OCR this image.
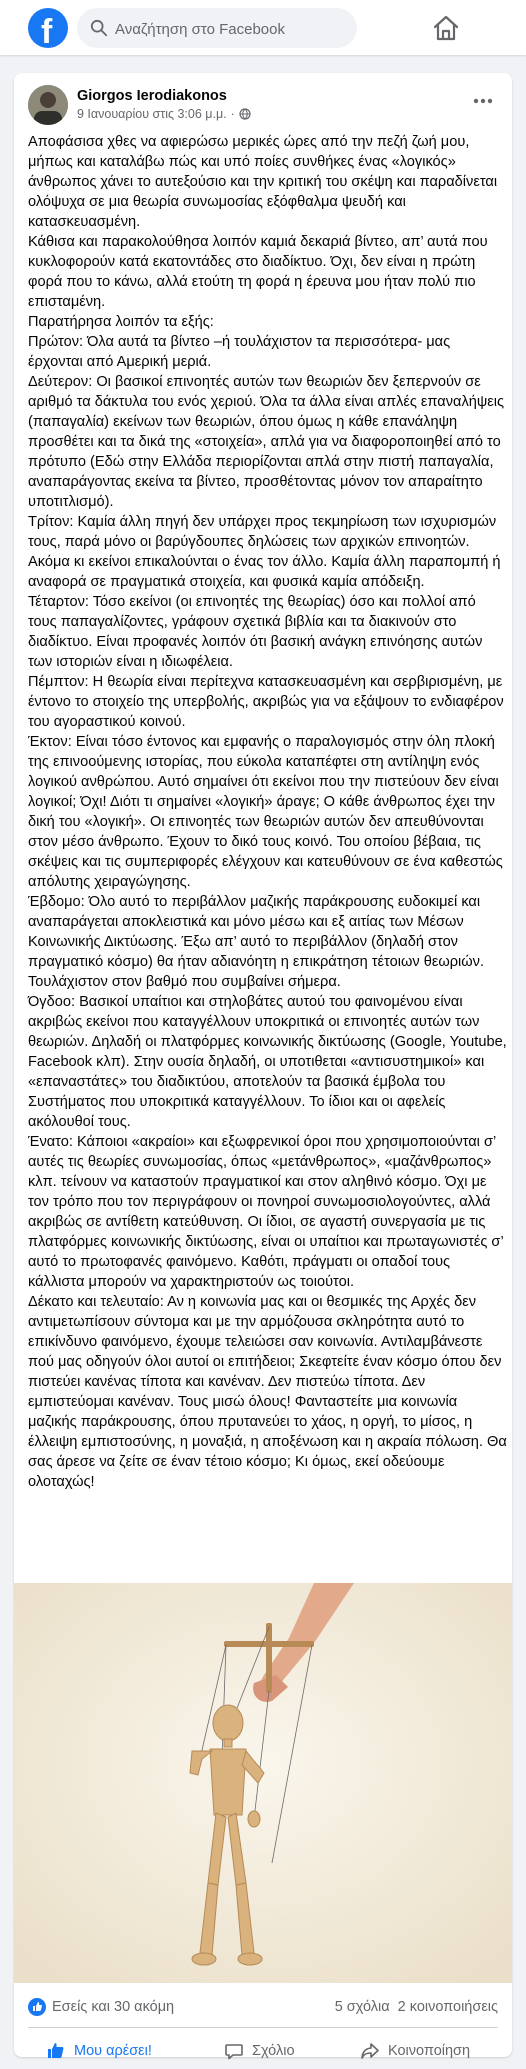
f
Αναζήτηση στο Facebook
Giorgos Ierodiakonos
9 Ιανουαρίου στις 3:06 μ.μ. ·

Αποφάσισα χθες να αφιερώσω μερικές ώρες από την πεζή ζωή μου, μήπως και καταλάβω πώς και υπό ποίες συνθήκες ένας «λογικός» άνθρωπος χάνει το αυτεξούσιο και την κριτική του σκέψη και παραδίνεται ολόψυχα σε μια θεωρία συνωμοσίας εξόφθαλμα ψευδή και κατασκευασμένη.

Κάθισα και παρακολούθησα λοιπόν καμιά δεκαριά βίντεο, απ’ αυτά που κυκλοφορούν κατά εκατοντάδες στο διαδίκτυο. Όχι, δεν είναι η πρώτη φορά που το κάνω, αλλά ετούτη τη φορά η έρευνα μου ήταν πολύ πιο επισταμένη.

Παρατήρησα λοιπόν τα εξής:

Πρώτον: Όλα αυτά τα βίντεο –ή τουλάχιστον τα περισσότερα- μας έρχονται από Αμερική μεριά.

Δεύτερον: Οι βασικοί επινοητές αυτών των θεωριών δεν ξεπερνούν σε αριθμό τα δάκτυλα του ενός χεριού. Όλα τα άλλα είναι απλές επαναλήψεις (παπαγαλία) εκείνων των θεωριών, όπου όμως η κάθε επανάληψη προσθέτει και τα δικά της «στοιχεία», απλά για να διαφοροποιηθεί από το πρότυπο (Εδώ στην Ελλάδα περιορίζονται απλά στην πιστή παπαγαλία, αναπαράγοντας εκείνα τα βίντεο, προσθέτοντας μόνον τον απαραίτητο υποτιτλισμό).

Τρίτον: Καμία άλλη πηγή δεν υπάρχει προς τεκμηρίωση των ισχυρισμών τους, παρά μόνο οι βαρύγδουπες δηλώσεις των αρχικών επινοητών. Ακόμα κι εκείνοι επικαλούνται ο ένας τον άλλο. Καμία άλλη παραπομπή ή αναφορά σε πραγματικά στοιχεία, και φυσικά καμία απόδειξη.

Τέταρτον: Τόσο εκείνοι (οι επινοητές της θεωρίας) όσο και πολλοί από τους παπαγαλίζοντες, γράφουν σχετικά βιβλία και τα διακινούν στο διαδίκτυο. Είναι προφανές λοιπόν ότι βασική ανάγκη επινόησης αυτών των ιστοριών είναι η ιδιωφέλεια.

Πέμπτον: Η θεωρία είναι περίτεχνα κατασκευασμένη και σερβιρισμένη, με έντονο το στοιχείο της υπερβολής, ακριβώς για να εξάψουν το ενδιαφέρον του αγοραστικού κοινού.

Έκτον: Είναι τόσο έντονος και εμφανής ο παραλογισμός στην όλη πλοκή της επινοούμενης ιστορίας, που εύκολα καταπέφτει στη αντίληψη ενός λογικού ανθρώπου. Αυτό σημαίνει ότι εκείνοι που την πιστεύουν δεν είναι λογικοί; Όχι! Διότι τι σημαίνει «λογική» άραγε; Ο κάθε άνθρωπος έχει την δική του «λογική». Οι επινοητές των θεωριών αυτών δεν απευθύνονται στον μέσο άνθρωπο. Έχουν το δικό τους κοινό. Του οποίου βέβαια, τις σκέψεις και τις συμπεριφορές ελέγχουν και κατευθύνουν σε ένα καθεστώς απόλυτης χειραγώγησης.

Έβδομο: Όλο αυτό το περιβάλλον μαζικής παράκρουσης ευδοκιμεί και αναπαράγεται αποκλειστικά και μόνο μέσω και εξ αιτίας των Μέσων Κοινωνικής Δικτύωσης. Έξω απ’ αυτό το περιβάλλον (δηλαδή στον πραγματικό κόσμο) θα ήταν αδιανόητη η επικράτηση τέτοιων θεωριών. Τουλάχιστον στον βαθμό που συμβαίνει σήμερα.

Όγδοο: Βασικοί υπαίτιοι και στηλοβάτες αυτού του φαινομένου είναι ακριβώς εκείνοι που καταγγέλλουν υποκριτικά οι επινοητές αυτών των θεωριών. Δηλαδή οι πλατφόρμες κοινωνικής δικτύωσης (Google, Youtube, Facebook κλπ). Στην ουσία δηλαδή, οι υποτιθεται «αντισυστημικοί» και «επαναστάτες» του διαδικτύου, αποτελούν τα βασικά έμβολα του Συστήματος που υποκριτικά καταγγέλλουν. Το ίδιοι και οι αφελείς ακόλουθοί τους.

Ένατο: Κάποιοι «ακραίοι» και εξωφρενικοί όροι που χρησιμοποιούνται σ’ αυτές τις θεωρίες συνωμοσίας, όπως «μετάνθρωπος», «μαζάνθρωπος» κλπ. τείνουν να καταστούν πραγματικοί και στον αληθινό κόσμο. Όχι με τον τρόπο που τον περιγράφουν οι πονηροί συνωμοσιολογούντες, αλλά ακριβώς σε αντίθετη κατεύθυνση. Οι ίδιοι, σε αγαστή συνεργασία με τις πλατφόρμες κοινωνικής δικτύωσης, είναι οι υπαίτιοι και πρωταγωνιστές σ’ αυτό το πρωτοφανές φαινόμενο. Καθότι, πράγματι οι οπαδοί τους κάλλιστα μπορούν να χαρακτηριστούν ως τοιούτοι.

Δέκατο και τελευταίο: Αν η κοινωνία μας και οι θεσμικές της Αρχές δεν αντιμετωπίσουν σύντομα και με την αρμόζουσα σκληρότητα αυτό το επικίνδυνο φαινόμενο, έχουμε τελειώσει σαν κοινωνία. Αντιλαμβάνεστε πού μας οδηγούν όλοι αυτοί οι επιτήδειοι; Σκεφτείτε έναν κόσμο όπου δεν πιστεύει κανένας τίποτα και κανέναν. Δεν πιστεύω τίποτα. Δεν εμπιστεύομαι κανέναν. Τους μισώ όλους! Φανταστείτε μια κοινωνία μαζικής παράκρουσης, όπου πρυτανεύει το χάος, η οργή, το μίσος, η έλλειψη εμπιστοσύνης, η μοναξιά, η αποξένωση και η ακραία πόλωση. Θα σας άρεσε να ζείτε σε έναν τέτοιο κόσμο; Κι όμως, εκεί οδεύουμε ολοταχώς!

Εσείς και 30 ακόμη	5 σχόλια 2 κοινοποιήσεις
Μου αρέσει!	Σχόλιο	Κοινοποίηση
